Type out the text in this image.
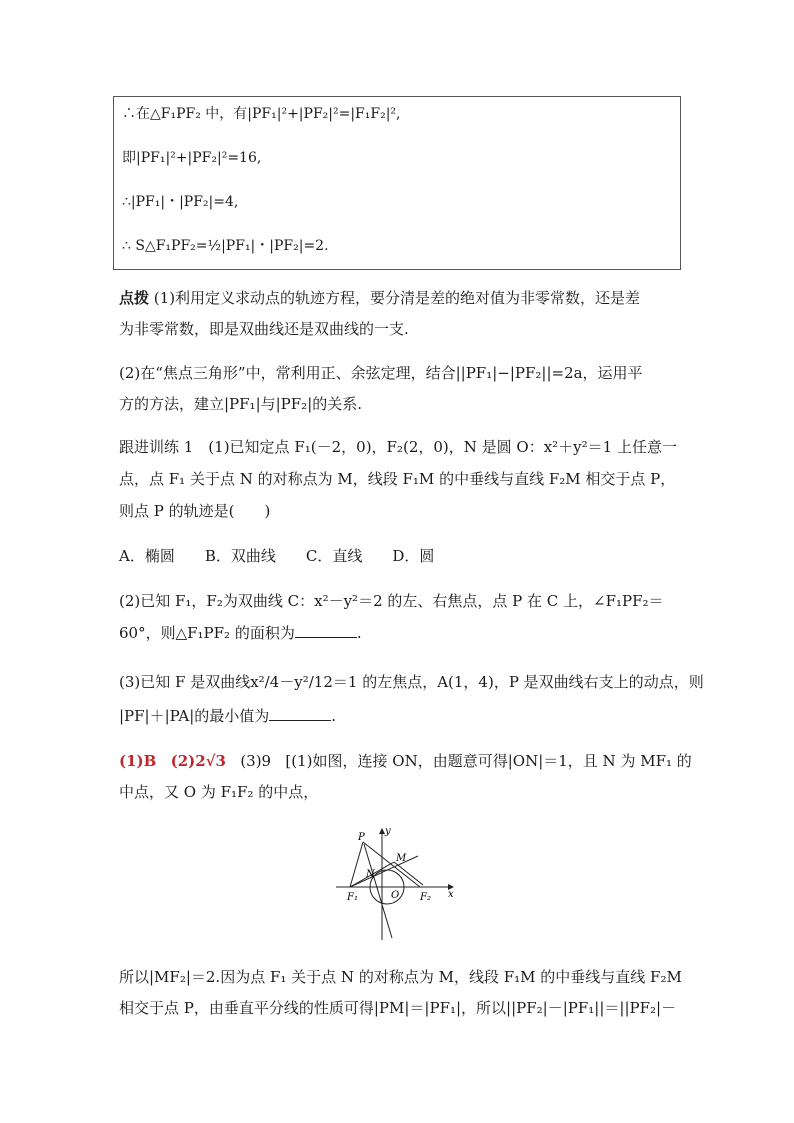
∴在△F₁PF₂ 中，有|PF₁|²+|PF₂|²=|F₁F₂|²,
即|PF₁|²+|PF₂|²=16,
∴|PF₁|・|PF₂|=4,
∴ S△F₁PF₂=½|PF₁|・|PF₂|=2.
点拨 (1)利用定义求动点的轨迹方程，要分清是差的绝对值为非零常数，还是差
为非零常数，即是双曲线还是双曲线的一支.
(2)在“焦点三角形”中，常利用正、余弦定理，结合||PF₁|−|PF₂||=2a，运用平
方的方法，建立|PF₁|与|PF₂|的关系.
跟进训练 1　(1)已知定点 F₁(－2，0)，F₂(2，0)，N 是圆 O：x²＋y²＝1 上任意一
点，点 F₁ 关于点 N 的对称点为 M，线段 F₁M 的中垂线与直线 F₂M 相交于点 P，
则点 P 的轨迹是(　　)
A．椭圆　　B．双曲线　　C．直线　　D．圆
(2)已知 F₁，F₂为双曲线 C：x²－y²＝2 的左、右焦点，点 P 在 C 上，∠F₁PF₂＝
60°，则△F₁PF₂ 的面积为	.
(3)已知 F 是双曲线x²/4－y²/12＝1 的左焦点，A(1，4)，P 是双曲线右支上的动点，则
|PF|＋|PA|的最小值为	.
(1)B (2)2√3 (3)9 [(1)如图，连接 ON，由题意可得|ON|＝1，且 N 为 MF₁ 的
中点，又 O 为 F₁F₂ 的中点，
P
y
M
N
O
F₁	F₂ x
所以|MF₂|＝2.因为点 F₁ 关于点 N 的对称点为 M，线段 F₁M 的中垂线与直线 F₂M
相交于点 P，由垂直平分线的性质可得|PM|＝|PF₁|，所以||PF₂|－|PF₁||＝||PF₂|－
